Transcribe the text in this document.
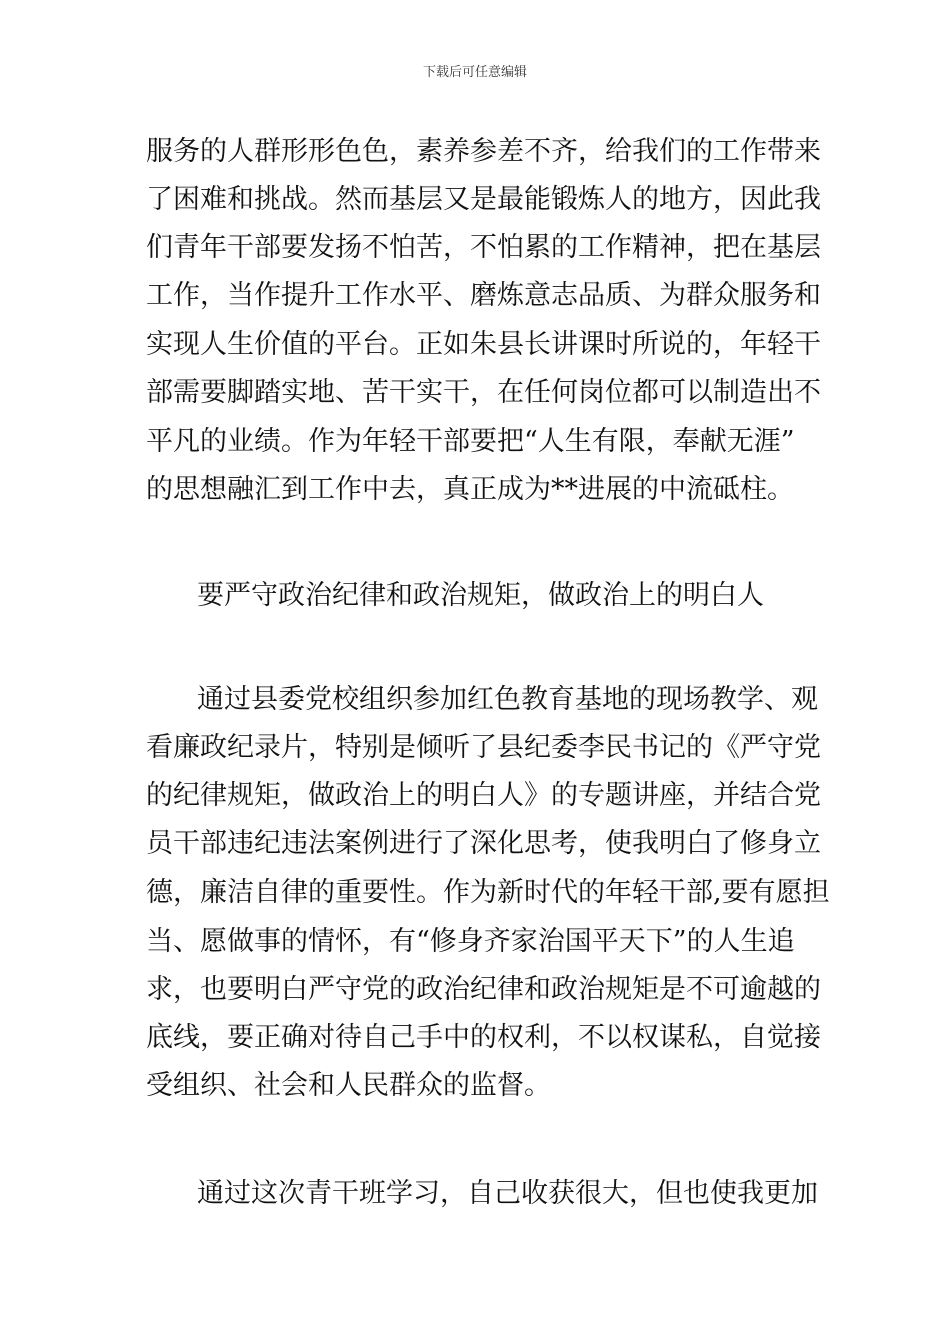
下载后可任意编辑
服务的人群形形色色，素养参差不齐，给我们的工作带来
了困难和挑战。然而基层又是最能锻炼人的地方，因此我
们青年干部要发扬不怕苦，不怕累的工作精神，把在基层
工作，当作提升工作水平、磨炼意志品质、为群众服务和
实现人生价值的平台。正如朱县长讲课时所说的，年轻干
部需要脚踏实地、苦干实干，在任何岗位都可以制造出不
平凡的业绩。作为年轻干部要把“人生有限，奉献无涯”
的思想融汇到工作中去，真正成为**进展的中流砥柱。
要严守政治纪律和政治规矩，做政治上的明白人
通过县委党校组织参加红色教育基地的现场教学、观
看廉政纪录片，特别是倾听了县纪委李民书记的《严守党
的纪律规矩，做政治上的明白人》的专题讲座，并结合党
员干部违纪违法案例进行了深化思考，使我明白了修身立
德，廉洁自律的重要性。作为新时代的年轻干部,要有愿担
当、愿做事的情怀，有“修身齐家治国平天下”的人生追
求，也要明白严守党的政治纪律和政治规矩是不可逾越的
底线，要正确对待自己手中的权利，不以权谋私，自觉接
受组织、社会和人民群众的监督。
通过这次青干班学习，自己收获很大，但也使我更加
